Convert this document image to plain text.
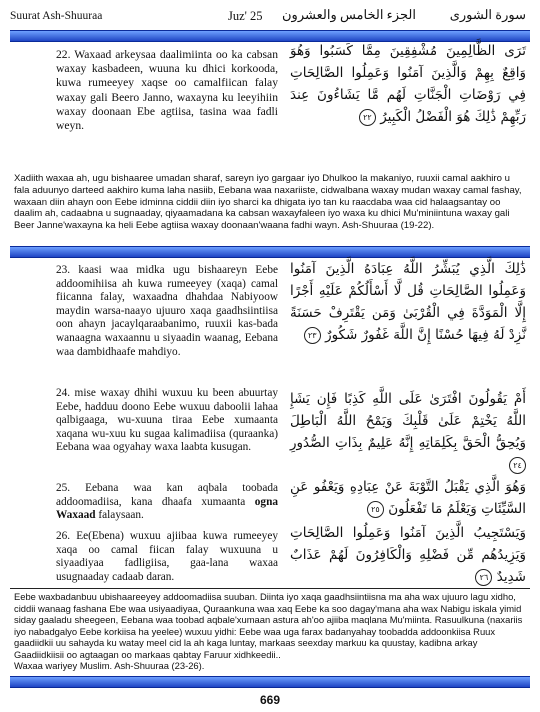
Suurat Ash-Shuuraa	Juz' 25 الجزء الخامس والعشرون	سورة الشورى
22. Waxaad arkeysaa daalimiinta oo ka cabsan waxay kasbadeen, wuuna ku dhici korkooda, kuwa rumeeyey xaqse oo camalfiican falay waxay gali Beero Janno, waxayna ku leeyihiin waxay doonaan Ebe agtiisa, tasina waa fadli weyn.
تَرَى الظَّالِمِينَ مُشْفِقِينَ مِمَّا كَسَبُوا وَهُوَ وَاقِعٌ بِهِمْ وَالَّذِينَ آمَنُوا وَعَمِلُوا الصَّالِحَاتِ فِي رَوْضَاتِ الْجَنَّاتِ لَهُم مَّا يَشَاءُونَ عِندَ رَبِّهِمْ ذَٰلِكَ هُوَ الْفَضْلُ الْكَبِيرُ ٢٢
Xadiith waxaa ah, ugu bishaaree umadan sharaf, sareyn iyo gargaar iyo Dhulkoo la makaniyo, ruuxii camal aakhiro u fala aduunyo darteed aakhiro kuma laha nasiib, Eebana waa naxariiste, cidwalbana waxay mudan waxay camal fashay, waxaan diin ahayn oon Eebe idminna ciddii diin iyo sharci ka dhigata iyo tan ku raacdaba waa cid halaagsantay oo daalim ah, cadaabna u sugnaaday, qiyaamadana ka cabsan waxayfaleen iyo waxa ku dhici Mu'miniintuna waxay gali Beer Janne'waxayna ka heli Eebe agtiisa waxay doonaan'waana fadhi wayn. Ash-Shuuraa (19-22).
23. kaasi waa midka ugu bishaareyn Eebe addoomihiisa ah kuwa rumeeyey (xaqa) camal fiicanna falay, waxaadna dhahdaa Nabiyoow maydin warsa-naayo ujuuro xaqa gaadhsiintiisa oon ahayn jacaylqaraabanimo, ruuxii kas-bada wanaagna waxaannu u siyaadin waanag, Eebana waa dambidhaafe mahdiyo.
24. mise waxay dhihi wuxuu ku been abuurtay Eebe, hadduu doono Eebe wuxuu daboolii lahaa qalbigaaga, wu-xuuna tiraa Eebe xumaanta xaqana wu-xuu ku sugaa kalimadiisa (quraanka) Eebana waa ogyahay waxa laabta kusugan.
25. Eebana waa kan aqbala toobada addoomadiisa, kana dhaafa xumaanta ogna Waxaad falaysaan.
26. Ee(Ebena) wuxuu ajiibaa kuwa rumeeyey xaqa oo camal fiican falay wuxuuna u siyaadiyaa fadligiisa, gaa-lana waxaa usugnaaday cadaab daran.
ذَٰلِكَ الَّذِي يُبَشِّرُ اللَّهُ عِبَادَهُ الَّذِينَ آمَنُوا وَعَمِلُوا الصَّالِحَاتِ قُل لَّا أَسْأَلُكُمْ عَلَيْهِ أَجْرًا إِلَّا الْمَوَدَّةَ فِي الْقُرْبَىٰ وَمَن يَقْتَرِفْ حَسَنَةً نَّزِدْ لَهُ فِيهَا حُسْنًا إِنَّ اللَّهَ غَفُورٌ شَكُورٌ ٢٣
أَمْ يَقُولُونَ افْتَرَىٰ عَلَى اللَّهِ كَذِبًا فَإِن يَشَإِ اللَّهُ يَخْتِمْ عَلَىٰ قَلْبِكَ وَيَمْحُ اللَّهُ الْبَاطِلَ وَيُحِقُّ الْحَقَّ بِكَلِمَاتِهِ إِنَّهُ عَلِيمٌ بِذَاتِ الصُّدُورِ ٢٤
وَهُوَ الَّذِي يَقْبَلُ التَّوْبَةَ عَنْ عِبَادِهِ وَيَعْفُو عَنِ السَّيِّئَاتِ وَيَعْلَمُ مَا تَفْعَلُونَ ٢٥
وَيَسْتَجِيبُ الَّذِينَ آمَنُوا وَعَمِلُوا الصَّالِحَاتِ وَيَزِيدُهُم مِّن فَضْلِهِ وَالْكَافِرُونَ لَهُمْ عَذَابٌ شَدِيدٌ ٢٦
Eebe waxbadanbuu ubishaareeyey addoomadiisa suuban. Diinta iyo xaqa gaadhsiintiisna ma aha wax ujuuro lagu xidho, ciddii wanaag fashana Ebe waa usiyaadiyaa, Quraankuna waa xaq Eebe ka soo dagay'mana aha wax Nabigu iskala yimid siday gaaladu sheegeen, Eebana waa toobad aqbale'xumaan astura ah'oo ajiiba maqlana Mu'miinta. Rasuulkuna (naxariis iyo nabadgalyo Eebe korkiisa ha yeelee) wuxuu yidhi: Eebe waa uga farax badanyahay toobadda addoonkiisa Ruux gaadiidkii uu sahayda ku watay meel cid la ah kaga luntay, markaas seexday markuu ka quustay, kadibna arkay Gaadiidkiisii oo agtaagan oo markaas qabtay Faruur xidhkeedii..
Waxaa wariyey Muslim. Ash-Shuuraa (23-26).
669
